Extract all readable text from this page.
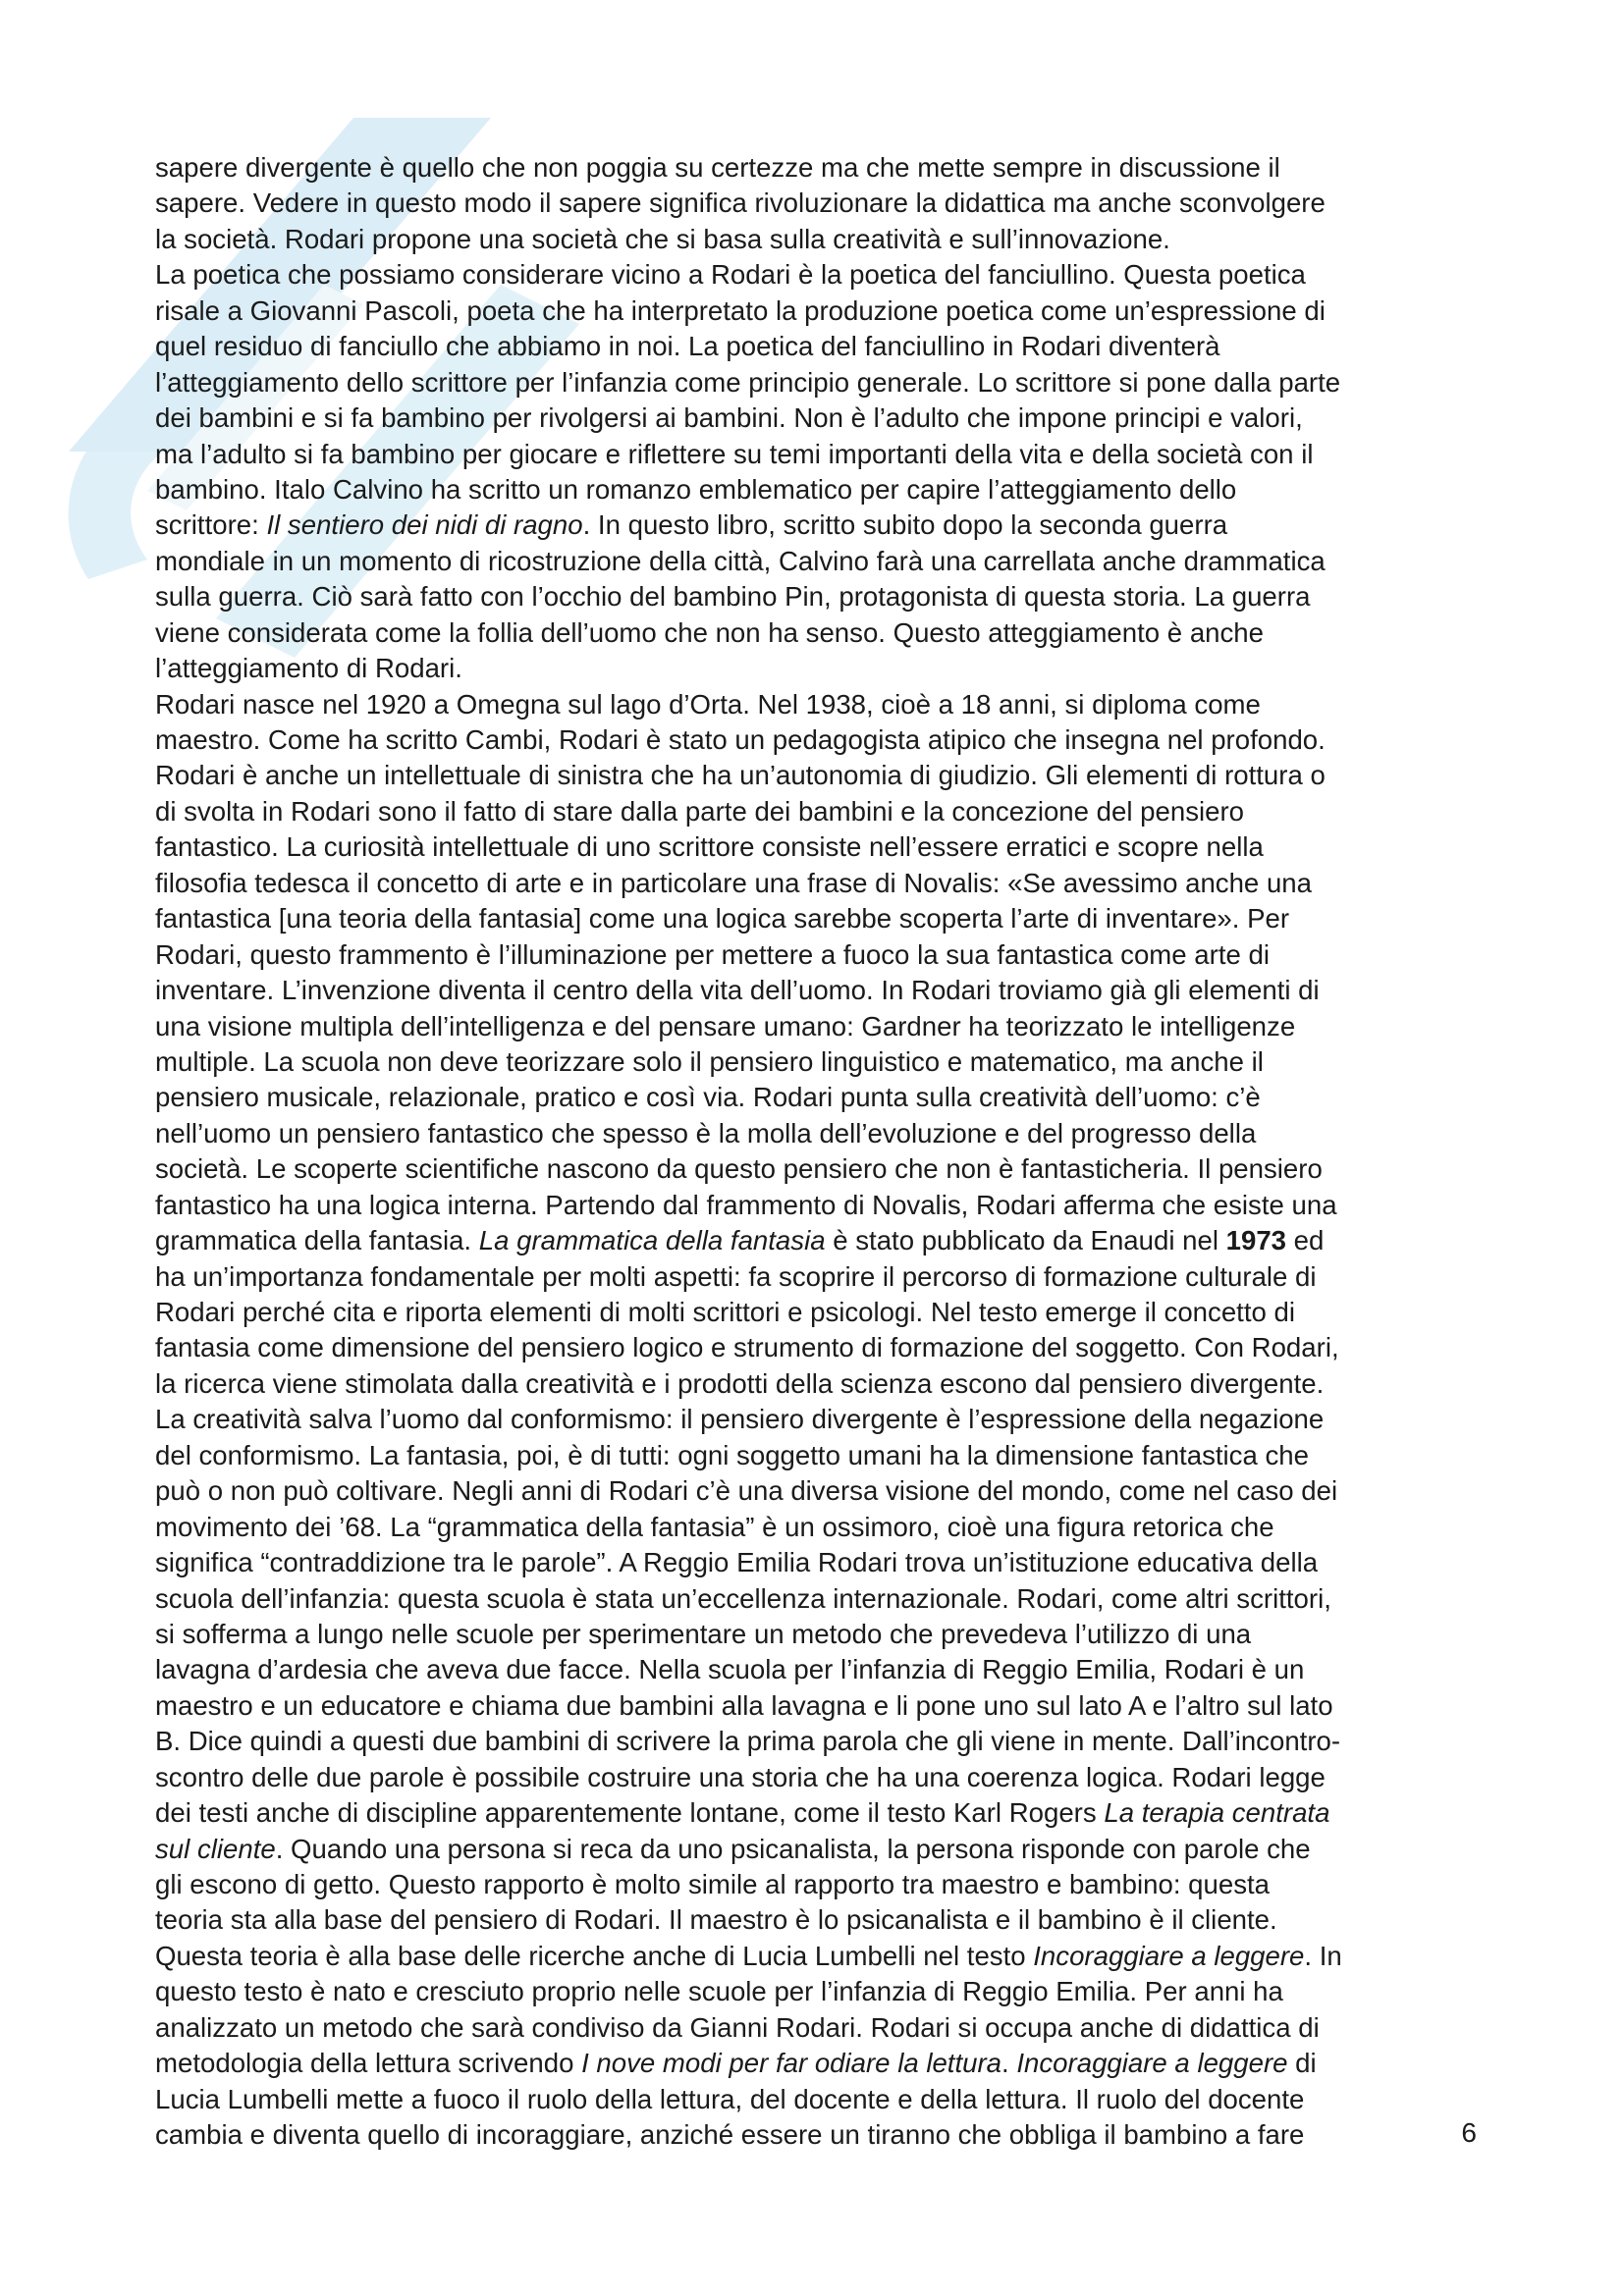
sapere divergente è quello che non poggia su certezze ma che mette sempre in discussione il
sapere. Vedere in questo modo il sapere significa rivoluzionare la didattica ma anche sconvolgere
la società. Rodari propone una società che si basa sulla creatività e sull’innovazione.
La poetica che possiamo considerare vicino a Rodari è la poetica del fanciullino. Questa poetica
risale a Giovanni Pascoli, poeta che ha interpretato la produzione poetica come un’espressione di
quel residuo di fanciullo che abbiamo in noi. La poetica del fanciullino in Rodari diventerà
l’atteggiamento dello scrittore per l’infanzia come principio generale. Lo scrittore si pone dalla parte
dei bambini e si fa bambino per rivolgersi ai bambini. Non è l’adulto che impone principi e valori,
ma l’adulto si fa bambino per giocare e riflettere su temi importanti della vita e della società con il
bambino. Italo Calvino ha scritto un romanzo emblematico per capire l’atteggiamento dello
scrittore: Il sentiero dei nidi di ragno. In questo libro, scritto subito dopo la seconda guerra
mondiale in un momento di ricostruzione della città, Calvino farà una carrellata anche drammatica
sulla guerra. Ciò sarà fatto con l’occhio del bambino Pin, protagonista di questa storia. La guerra
viene considerata come la follia dell’uomo che non ha senso. Questo atteggiamento è anche
l’atteggiamento di Rodari.
Rodari nasce nel 1920 a Omegna sul lago d’Orta. Nel 1938, cioè a 18 anni, si diploma come
maestro. Come ha scritto Cambi, Rodari è stato un pedagogista atipico che insegna nel profondo.
Rodari è anche un intellettuale di sinistra che ha un’autonomia di giudizio. Gli elementi di rottura o
di svolta in Rodari sono il fatto di stare dalla parte dei bambini e la concezione del pensiero
fantastico. La curiosità intellettuale di uno scrittore consiste nell’essere erratici e scopre nella
filosofia tedesca il concetto di arte e in particolare una frase di Novalis: «Se avessimo anche una
fantastica [una teoria della fantasia] come una logica sarebbe scoperta l’arte di inventare». Per
Rodari, questo frammento è l’illuminazione per mettere a fuoco la sua fantastica come arte di
inventare. L’invenzione diventa il centro della vita dell’uomo. In Rodari troviamo già gli elementi di
una visione multipla dell’intelligenza e del pensare umano: Gardner ha teorizzato le intelligenze
multiple. La scuola non deve teorizzare solo il pensiero linguistico e matematico, ma anche il
pensiero musicale, relazionale, pratico e così via. Rodari punta sulla creatività dell’uomo: c’è
nell’uomo un pensiero fantastico che spesso è la molla dell’evoluzione e del progresso della
società. Le scoperte scientifiche nascono da questo pensiero che non è fantasticheria. Il pensiero
fantastico ha una logica interna. Partendo dal frammento di Novalis, Rodari afferma che esiste una
grammatica della fantasia. La grammatica della fantasia è stato pubblicato da Enaudi nel 1973 ed
ha un’importanza fondamentale per molti aspetti: fa scoprire il percorso di formazione culturale di
Rodari perché cita e riporta elementi di molti scrittori e psicologi. Nel testo emerge il concetto di
fantasia come dimensione del pensiero logico e strumento di formazione del soggetto. Con Rodari,
la ricerca viene stimolata dalla creatività e i prodotti della scienza escono dal pensiero divergente.
La creatività salva l’uomo dal conformismo: il pensiero divergente è l’espressione della negazione
del conformismo. La fantasia, poi, è di tutti: ogni soggetto umani ha la dimensione fantastica che
può o non può coltivare. Negli anni di Rodari c’è una diversa visione del mondo, come nel caso dei
movimento dei ’68. La “grammatica della fantasia” è un ossimoro, cioè una figura retorica che
significa “contraddizione tra le parole”. A Reggio Emilia Rodari trova un’istituzione educativa della
scuola dell’infanzia: questa scuola è stata un’eccellenza internazionale. Rodari, come altri scrittori,
si sofferma a lungo nelle scuole per sperimentare un metodo che prevedeva l’utilizzo di una
lavagna d’ardesia che aveva due facce. Nella scuola per l’infanzia di Reggio Emilia, Rodari è un
maestro e un educatore e chiama due bambini alla lavagna e li pone uno sul lato A e l’altro sul lato
B. Dice quindi a questi due bambini di scrivere la prima parola che gli viene in mente. Dall’incontro-
scontro delle due parole è possibile costruire una storia che ha una coerenza logica. Rodari legge
dei testi anche di discipline apparentemente lontane, come il testo Karl Rogers La terapia centrata
sul cliente. Quando una persona si reca da uno psicanalista, la persona risponde con parole che
gli escono di getto. Questo rapporto è molto simile al rapporto tra maestro e bambino: questa
teoria sta alla base del pensiero di Rodari. Il maestro è lo psicanalista e il bambino è il cliente.
Questa teoria è alla base delle ricerche anche di Lucia Lumbelli nel testo Incoraggiare a leggere. In
questo testo è nato e cresciuto proprio nelle scuole per l’infanzia di Reggio Emilia. Per anni ha
analizzato un metodo che sarà condiviso da Gianni Rodari. Rodari si occupa anche di didattica di
metodologia della lettura scrivendo I nove modi per far odiare la lettura. Incoraggiare a leggere di
Lucia Lumbelli mette a fuoco il ruolo della lettura, del docente e della lettura. Il ruolo del docente
cambia e diventa quello di incoraggiare, anziché essere un tiranno che obbliga il bambino a fare	6
